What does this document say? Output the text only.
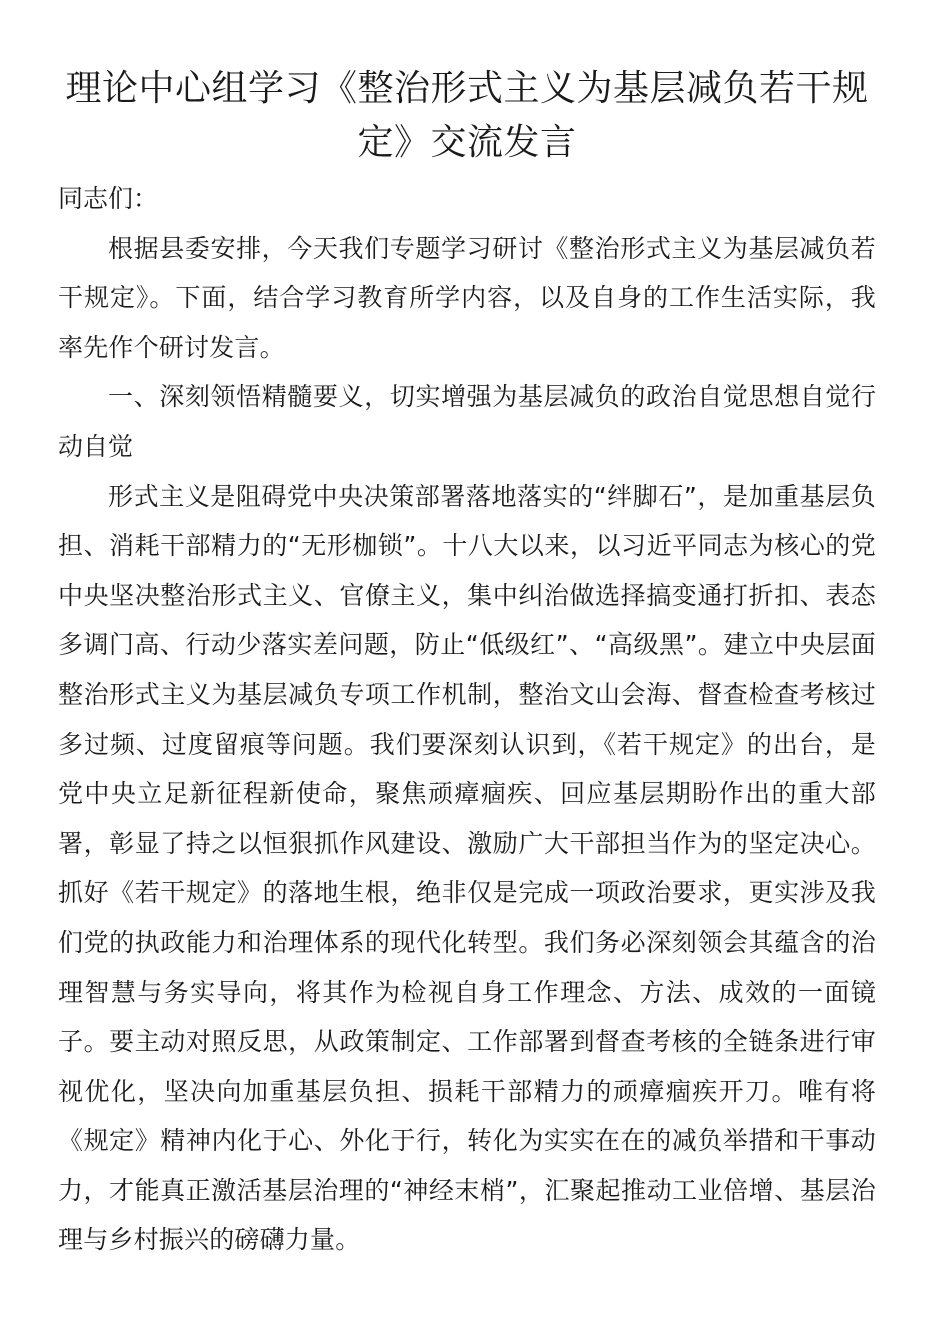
理论中心组学习《整治形式主义为基层减负若干规定》交流发言

同志们：

根据县委安排，今天我们专题学习研讨《整治形式主义为基层减负若干规定》。下面，结合学习教育所学内容，以及自身的工作生活实际，我率先作个研讨发言。

一、深刻领悟精髓要义，切实增强为基层减负的政治自觉思想自觉行动自觉

形式主义是阻碍党中央决策部署落地落实的“绊脚石”，是加重基层负担、消耗干部精力的“无形枷锁”。十八大以来，以习近平同志为核心的党中央坚决整治形式主义、官僚主义，集中纠治做选择搞变通打折扣、表态多调门高、行动少落实差问题，防止“低级红”、“高级黑”。建立中央层面整治形式主义为基层减负专项工作机制，整治文山会海、督查检查考核过多过频、过度留痕等问题。我们要深刻认识到，《若干规定》的出台，是党中央立足新征程新使命，聚焦顽瘴痼疾、回应基层期盼作出的重大部署，彰显了持之以恒狠抓作风建设、激励广大干部担当作为的坚定决心。抓好《若干规定》的落地生根，绝非仅是完成一项政治要求，更实涉及我们党的执政能力和治理体系的现代化转型。我们务必深刻领会其蕴含的治理智慧与务实导向，将其作为检视自身工作理念、方法、成效的一面镜子。要主动对照反思，从政策制定、工作部署到督查考核的全链条进行审视优化，坚决向加重基层负担、损耗干部精力的顽瘴痼疾开刀。唯有将《规定》精神内化于心、外化于行，转化为实实在在的减负举措和干事动力，才能真正激活基层治理的“神经末梢”，汇聚起推动工业倍增、基层治理与乡村振兴的磅礴力量。
